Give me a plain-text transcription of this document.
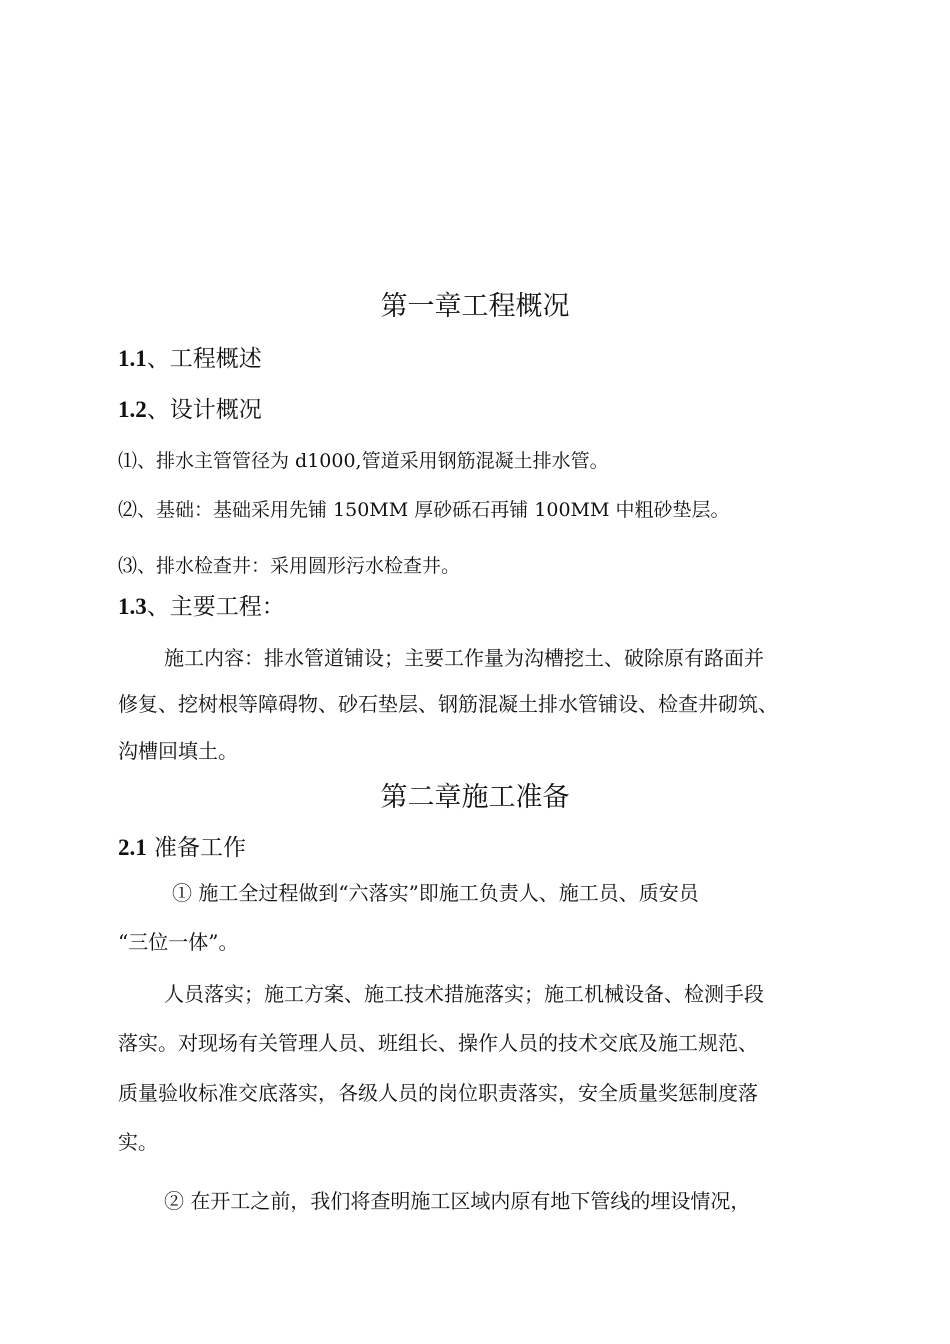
第一章工程概况
1.1、工程概述
1.2、设计概况
⑴、排水主管管径为 d1000,管道采用钢筋混凝土排水管。
⑵、基础：基础采用先铺 150MM 厚砂砾石再铺 100MM 中粗砂垫层。
⑶、排水检查井：采用圆形污水检查井。
1.3、主要工程：
施工内容：排水管道铺设；主要工作量为沟槽挖土、破除原有路面并
修复、挖树根等障碍物、砂石垫层、钢筋混凝土排水管铺设、检查井砌筑、
沟槽回填土。
第二章施工准备
2.1 准备工作
① 施工全过程做到“六落实”即施工负责人、施工员、质安员
“三位一体”。
人员落实；施工方案、施工技术措施落实；施工机械设备、检测手段
落实。对现场有关管理人员、班组长、操作人员的技术交底及施工规范、
质量验收标准交底落实，各级人员的岗位职责落实，安全质量奖惩制度落
实。
② 在开工之前，我们将查明施工区域内原有地下管线的埋设情况，
